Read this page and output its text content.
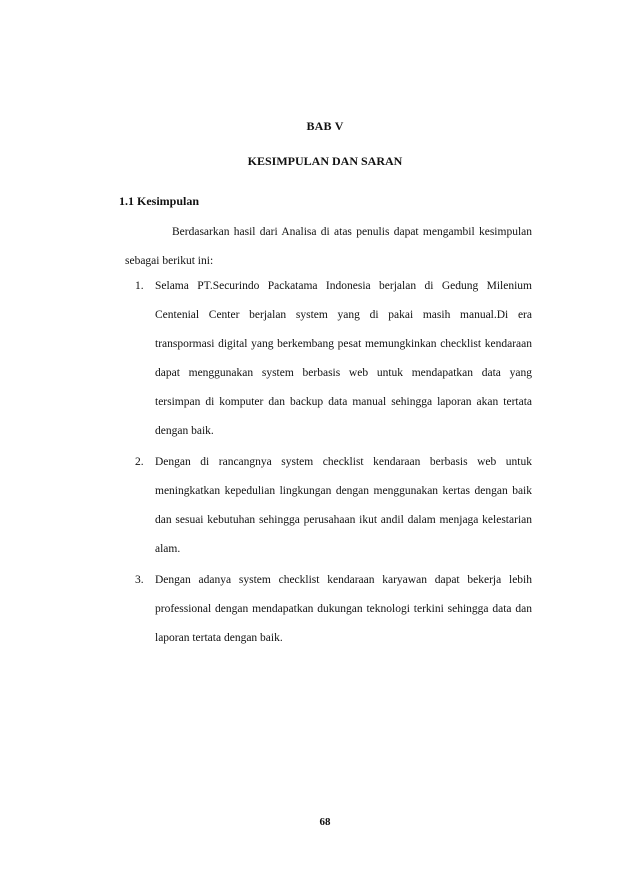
BAB V
KESIMPULAN DAN SARAN
1.1 Kesimpulan

Berdasarkan hasil dari Analisa di atas penulis dapat mengambil kesimpulan sebagai berikut ini:

1. Selama PT.Securindo Packatama Indonesia berjalan di Gedung Milenium Centenial Center berjalan system yang di pakai masih manual.Di era transpormasi digital yang berkembang pesat memungkinkan checklist kendaraan dapat menggunakan system berbasis web untuk mendapatkan data yang tersimpan di komputer dan backup data manual sehingga laporan akan tertata dengan baik.
2. Dengan di rancangnya system checklist kendaraan berbasis web untuk meningkatkan kepedulian lingkungan dengan menggunakan kertas dengan baik dan sesuai kebutuhan sehingga perusahaan ikut andil dalam menjaga kelestarian alam.
3. Dengan adanya system checklist kendaraan karyawan dapat bekerja lebih professional dengan mendapatkan dukungan teknologi terkini sehingga data dan laporan tertata dengan baik.
68
